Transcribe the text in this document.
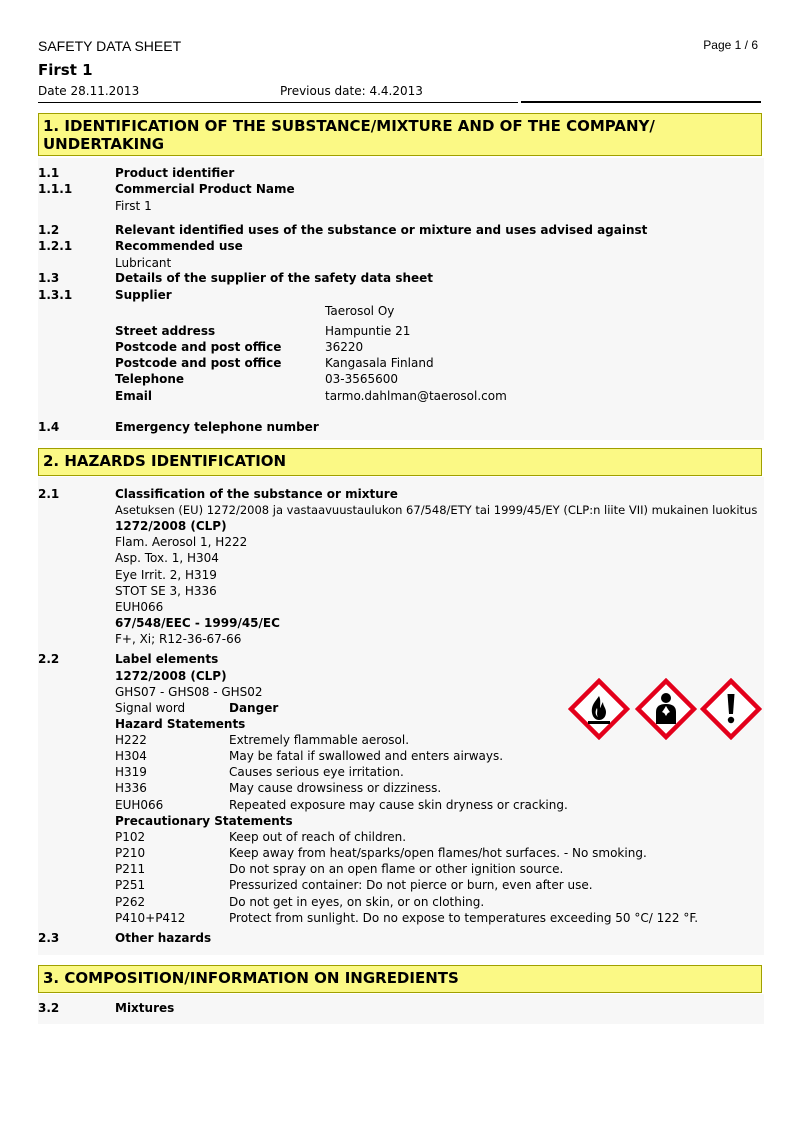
SAFETY DATA SHEET	Page 1 / 6
First 1
Date 28.11.2013	Previous date: 4.4.2013
1. IDENTIFICATION OF THE SUBSTANCE/MIXTURE AND OF THE COMPANY/
UNDERTAKING
1.1	Product identifier
1.1.1	Commercial Product Name
First 1
1.2	Relevant identified uses of the substance or mixture and uses advised against
1.2.1	Recommended use
Lubricant
1.3	Details of the supplier of the safety data sheet
1.3.1	Supplier
Taerosol Oy
Street address	Hampuntie 21
Postcode and post office	36220
Postcode and post office	Kangasala Finland
Telephone	03-3565600
Email	tarmo.dahlman@taerosol.com
1.4	Emergency telephone number
2. HAZARDS IDENTIFICATION
2.1	Classification of the substance or mixture
Asetuksen (EU) 1272/2008 ja vastaavuustaulukon 67/548/ETY tai 1999/45/EY (CLP:n liite VII) mukainen luokitus
1272/2008 (CLP)
Flam. Aerosol 1, H222
Asp. Tox. 1, H304
Eye Irrit. 2, H319
STOT SE 3, H336
EUH066
67/548/EEC - 1999/45/EC
F+, Xi; R12-36-67-66
2.2	Label elements
1272/2008 (CLP)
GHS07 - GHS08 - GHS02
Signal word	Danger
Hazard Statements
H222	Extremely flammable aerosol.
H304	May be fatal if swallowed and enters airways.
H319	Causes serious eye irritation.
H336	May cause drowsiness or dizziness.
EUH066	Repeated exposure may cause skin dryness or cracking.
Precautionary Statements
P102	Keep out of reach of children.
P210	Keep away from heat/sparks/open flames/hot surfaces. - No smoking.
P211	Do not spray on an open flame or other ignition source.
P251	Pressurized container: Do not pierce or burn, even after use.
P262	Do not get in eyes, on skin, or on clothing.
P410+P412	Protect from sunlight. Do no expose to temperatures exceeding 50 °C/ 122 °F.
2.3	Other hazards
3. COMPOSITION/INFORMATION ON INGREDIENTS
3.2	Mixtures
